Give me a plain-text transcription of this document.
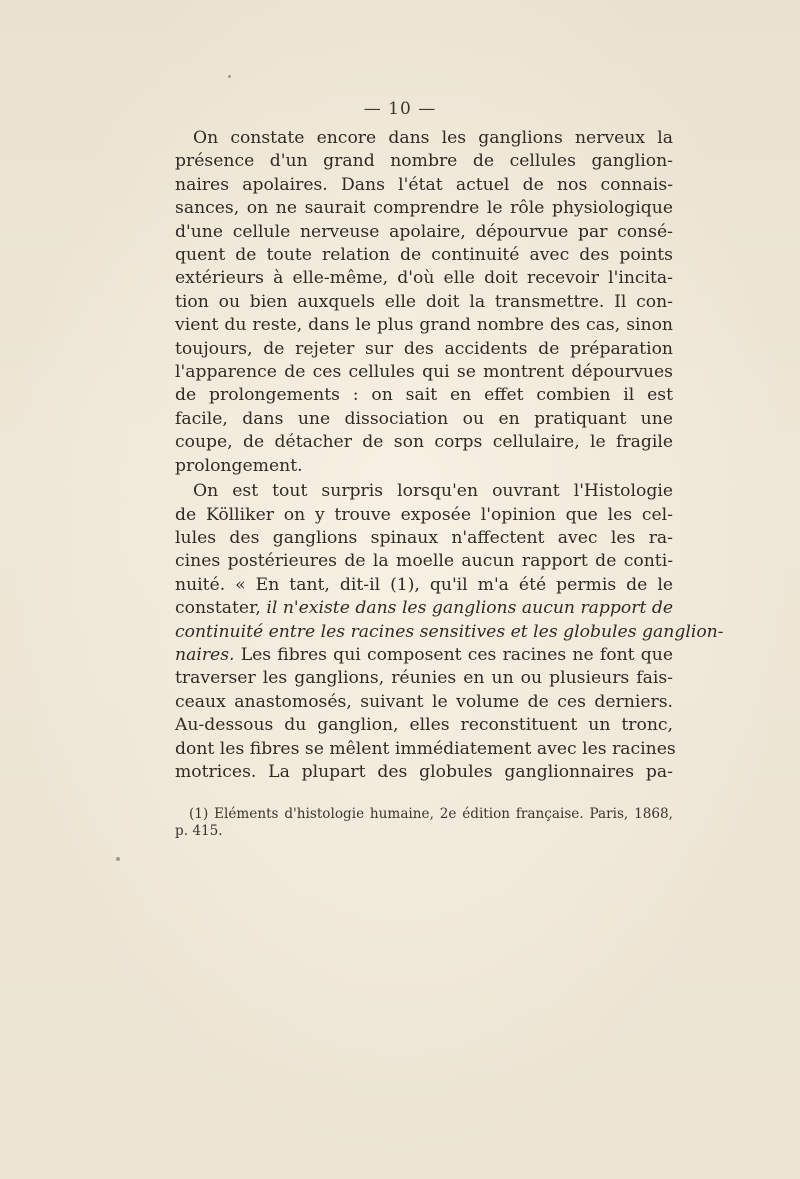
— 10 —
On constate encore dans les ganglions nerveux la
présence d'un grand nombre de cellules ganglion-
naires apolaires. Dans l'état actuel de nos connais-
sances, on ne saurait comprendre le rôle physiologique
d'une cellule nerveuse apolaire, dépourvue par consé-
quent de toute relation de continuité avec des points
extérieurs à elle-même, d'où elle doit recevoir l'incita-
tion ou bien auxquels elle doit la transmettre. Il con-
vient du reste, dans le plus grand nombre des cas, sinon
toujours, de rejeter sur des accidents de préparation
l'apparence de ces cellules qui se montrent dépourvues
de prolongements : on sait en effet combien il est
facile, dans une dissociation ou en pratiquant une
coupe, de détacher de son corps cellulaire, le fragile
prolongement.
On est tout surpris lorsqu'en ouvrant l'Histologie
de Kölliker on y trouve exposée l'opinion que les cel-
lules des ganglions spinaux n'affectent avec les ra-
cines postérieures de la moelle aucun rapport de conti-
nuité. « En tant, dit-il (1), qu'il m'a été permis de le
constater, il n'existe dans les ganglions aucun rapport de
continuité entre les racines sensitives et les globules ganglion-
naires. Les fibres qui composent ces racines ne font que
traverser les ganglions, réunies en un ou plusieurs fais-
ceaux anastomosés, suivant le volume de ces derniers.
Au-dessous du ganglion, elles reconstituent un tronc,
dont les fibres se mêlent immédiatement avec les racines
motrices. La plupart des globules ganglionnaires pa-
(1) Eléments d'histologie humaine, 2e édition française. Paris, 1868,
p. 415.
